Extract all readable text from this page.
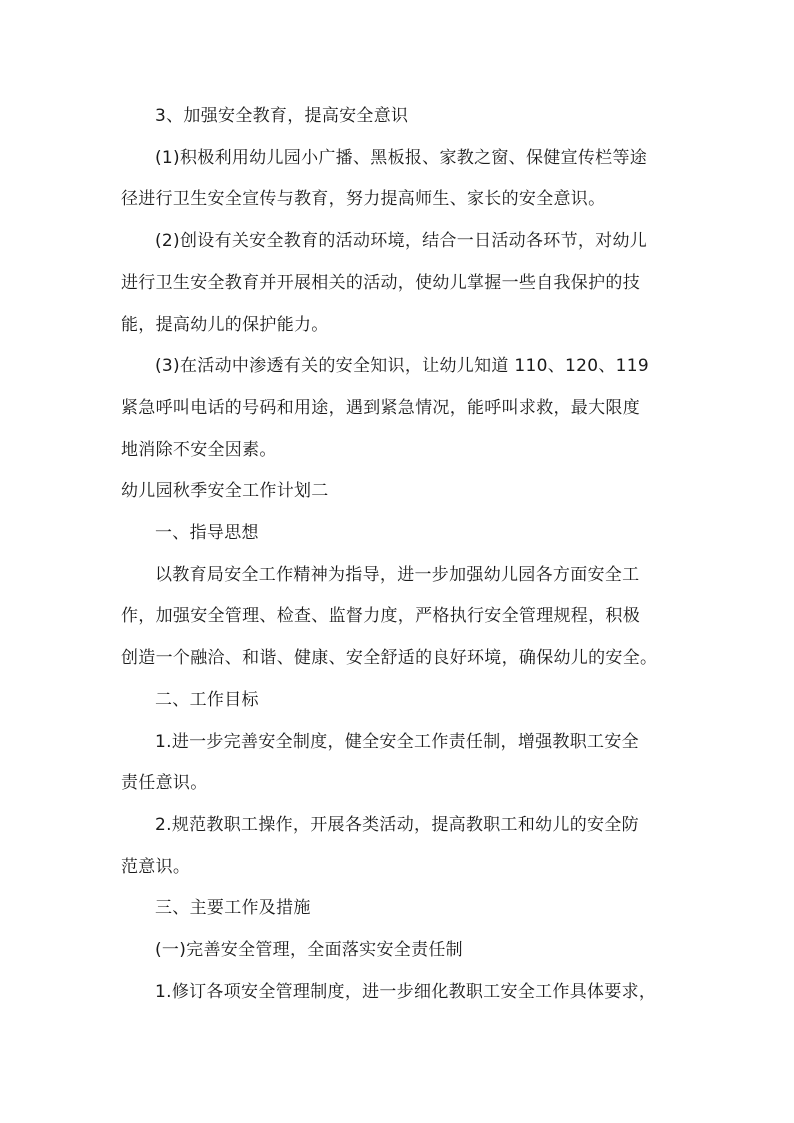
3、加强安全教育，提高安全意识

(1)积极利用幼儿园小广播、黑板报、家教之窗、保健宣传栏等途
径进行卫生安全宣传与教育，努力提高师生、家长的安全意识。

(2)创设有关安全教育的活动环境，结合一日活动各环节，对幼儿
进行卫生安全教育并开展相关的活动，使幼儿掌握一些自我保护的技
能，提高幼儿的保护能力。

(3)在活动中渗透有关的安全知识，让幼儿知道 110、120、119
紧急呼叫电话的号码和用途，遇到紧急情况，能呼叫求救，最大限度
地消除不安全因素。

幼儿园秋季安全工作计划二

一、指导思想

以教育局安全工作精神为指导，进一步加强幼儿园各方面安全工
作，加强安全管理、检查、监督力度，严格执行安全管理规程，积极
创造一个融洽、和谐、健康、安全舒适的良好环境，确保幼儿的安全。

二、工作目标

1.进一步完善安全制度，健全安全工作责任制，增强教职工安全
责任意识。

2.规范教职工操作，开展各类活动，提高教职工和幼儿的安全防
范意识。

三、主要工作及措施

(一)完善安全管理，全面落实安全责任制

1.修订各项安全管理制度，进一步细化教职工安全工作具体要求，
